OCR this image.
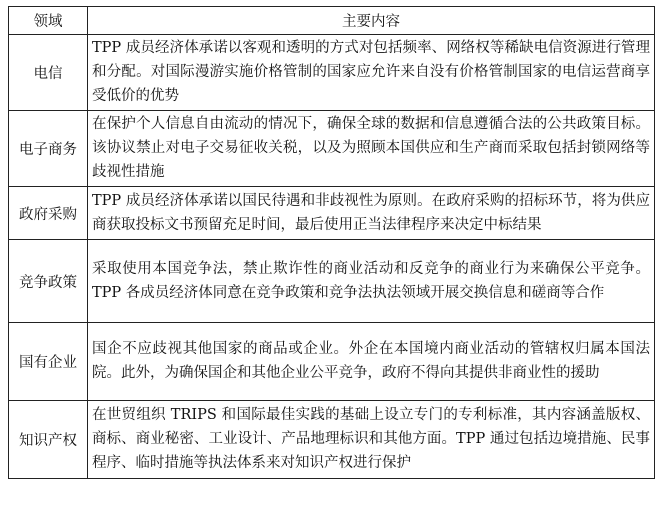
领域	主要内容
电信	TPP 成员经济体承诺以客观和透明的方式对包括频率、网络权等稀缺电信资源进行管理和分配。对国际漫游实施价格管制的国家应允许来自没有价格管制国家的电信运营商享受低价的优势
电子商务	在保护个人信息自由流动的情况下，确保全球的数据和信息遵循合法的公共政策目标。该协议禁止对电子交易征收关税，以及为照顾本国供应和生产商而采取包括封锁网络等歧视性措施
政府采购	TPP 成员经济体承诺以国民待遇和非歧视性为原则。在政府采购的招标环节，将为供应商获取投标文书预留充足时间，最后使用正当法律程序来决定中标结果
竞争政策	采取使用本国竞争法，禁止欺诈性的商业活动和反竞争的商业行为来确保公平竞争。TPP 各成员经济体同意在竞争政策和竞争法执法领域开展交换信息和磋商等合作
国有企业	国企不应歧视其他国家的商品或企业。外企在本国境内商业活动的管辖权归属本国法院。此外，为确保国企和其他企业公平竞争，政府不得向其提供非商业性的援助
知识产权	在世贸组织 TRIPS 和国际最佳实践的基础上设立专门的专利标准，其内容涵盖版权、商标、商业秘密、工业设计、产品地理标识和其他方面。TPP 通过包括边境措施、民事程序、临时措施等执法体系来对知识产权进行保护
